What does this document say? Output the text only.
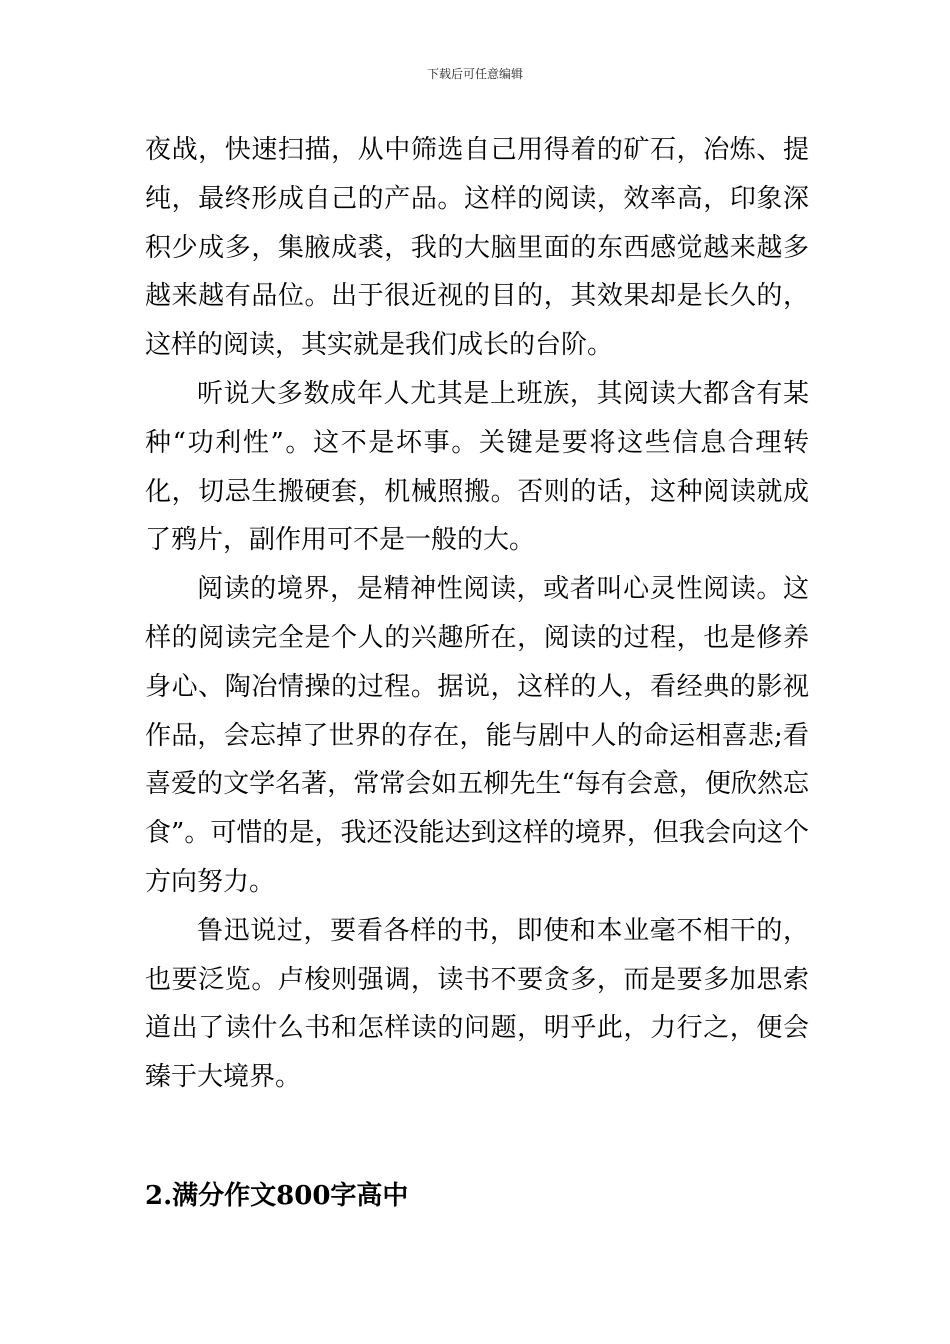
下载后可任意编辑

夜战，快速扫描，从中筛选自己用得着的矿石，冶炼、提纯，最终形成自己的产品。这样的阅读，效率高，印象深积少成多，集腋成裘，我的大脑里面的东西感觉越来越多越来越有品位。出于很近视的目的，其效果却是长久的，这样的阅读，其实就是我们成长的台阶。

听说大多数成年人尤其是上班族，其阅读大都含有某种“功利性”。这不是坏事。关键是要将这些信息合理转化，切忌生搬硬套，机械照搬。否则的话，这种阅读就成了鸦片，副作用可不是一般的大。

阅读的境界，是精神性阅读，或者叫心灵性阅读。这样的阅读完全是个人的兴趣所在，阅读的过程，也是修养身心、陶冶情操的过程。据说，这样的人，看经典的影视作品，会忘掉了世界的存在，能与剧中人的命运相喜悲;看喜爱的文学名著，常常会如五柳先生“每有会意，便欣然忘食”。可惜的是，我还没能达到这样的境界，但我会向这个方向努力。

鲁迅说过，要看各样的书，即使和本业毫不相干的，也要泛览。卢梭则强调，读书不要贪多，而是要多加思索道出了读什么书和怎样读的问题，明乎此，力行之，便会臻于大境界。

2.满分作文800字高中
